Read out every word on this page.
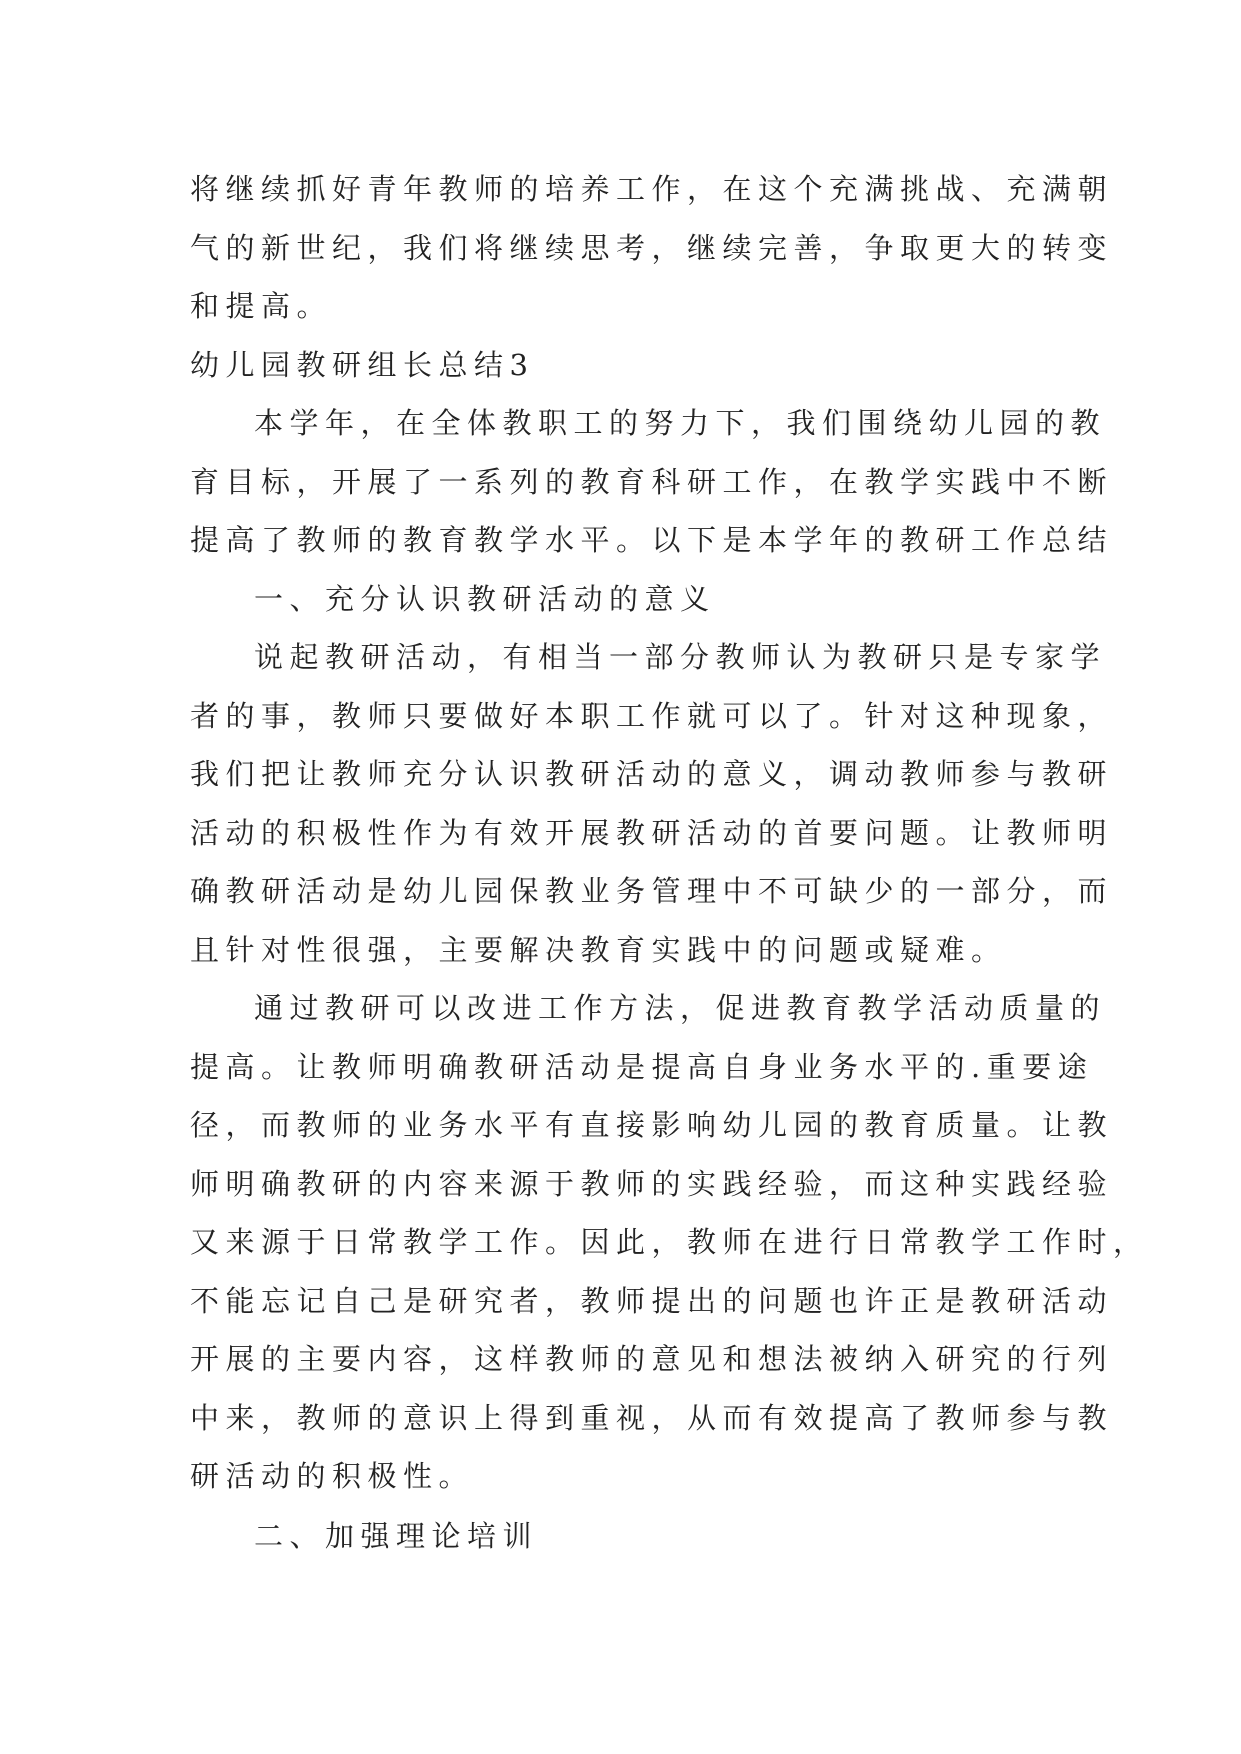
将继续抓好青年教师的培养工作，在这个充满挑战、充满朝
气的新世纪，我们将继续思考，继续完善，争取更大的转变
和提高。
幼儿园教研组长总结3
本学年，在全体教职工的努力下，我们围绕幼儿园的教
育目标，开展了一系列的教育科研工作，在教学实践中不断
提高了教师的教育教学水平。以下是本学年的教研工作总结
一、充分认识教研活动的意义
说起教研活动，有相当一部分教师认为教研只是专家学
者的事，教师只要做好本职工作就可以了。针对这种现象，
我们把让教师充分认识教研活动的意义，调动教师参与教研
活动的积极性作为有效开展教研活动的首要问题。让教师明
确教研活动是幼儿园保教业务管理中不可缺少的一部分，而
且针对性很强，主要解决教育实践中的问题或疑难。
通过教研可以改进工作方法，促进教育教学活动质量的
提高。让教师明确教研活动是提高自身业务水平的.重要途
径，而教师的业务水平有直接影响幼儿园的教育质量。让教
师明确教研的内容来源于教师的实践经验，而这种实践经验
又来源于日常教学工作。因此，教师在进行日常教学工作时，
不能忘记自己是研究者，教师提出的问题也许正是教研活动
开展的主要内容，这样教师的意见和想法被纳入研究的行列
中来，教师的意识上得到重视，从而有效提高了教师参与教
研活动的积极性。
二、加强理论培训
